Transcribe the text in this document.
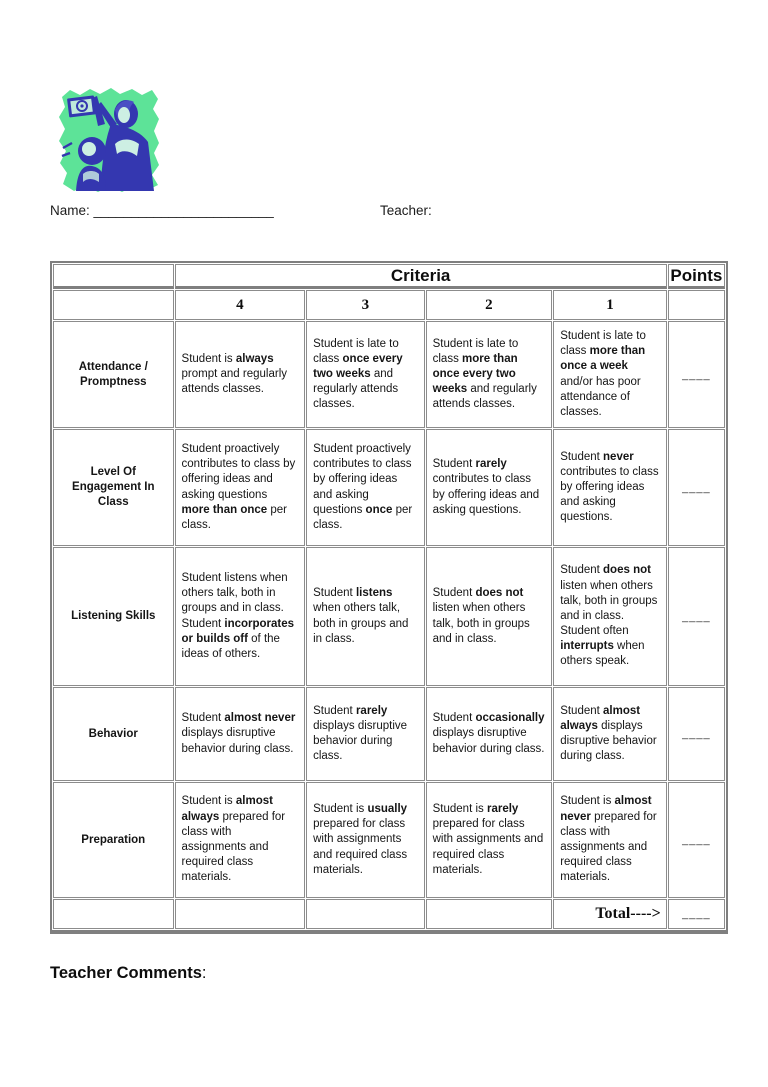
Name: ________________________	Teacher:
	Criteria				Points
	4	3	2	1	
Attendance / Promptness	Student is always prompt and regularly attends classes.	Student is late to class once every two weeks and regularly attends classes.	Student is late to class more than once every two weeks and regularly attends classes.	Student is late to class more than once a week and/or has poor attendance of classes.	____
Level Of Engagement In Class	Student proactively contributes to class by offering ideas and asking questions more than once per class.	Student proactively contributes to class by offering ideas and asking questions once per class.	Student rarely contributes to class by offering ideas and asking questions.	Student never contributes to class by offering ideas and asking questions.	____
Listening Skills	Student listens when others talk, both in groups and in class. Student incorporates or builds off of the ideas of others.	Student listens when others talk, both in groups and in class.	Student does not listen when others talk, both in groups and in class.	Student does not listen when others talk, both in groups and in class. Student often interrupts when others speak.	____
Behavior	Student almost never displays disruptive behavior during class.	Student rarely displays disruptive behavior during class.	Student occasionally displays disruptive behavior during class.	Student almost always displays disruptive behavior during class.	____
Preparation	Student is almost always prepared for class with assignments and required class materials.	Student is usually prepared for class with assignments and required class materials.	Student is rarely prepared for class with assignments and required class materials.	Student is almost never prepared for class with assignments and required class materials.	____
				Total---->	____
Teacher Comments:
